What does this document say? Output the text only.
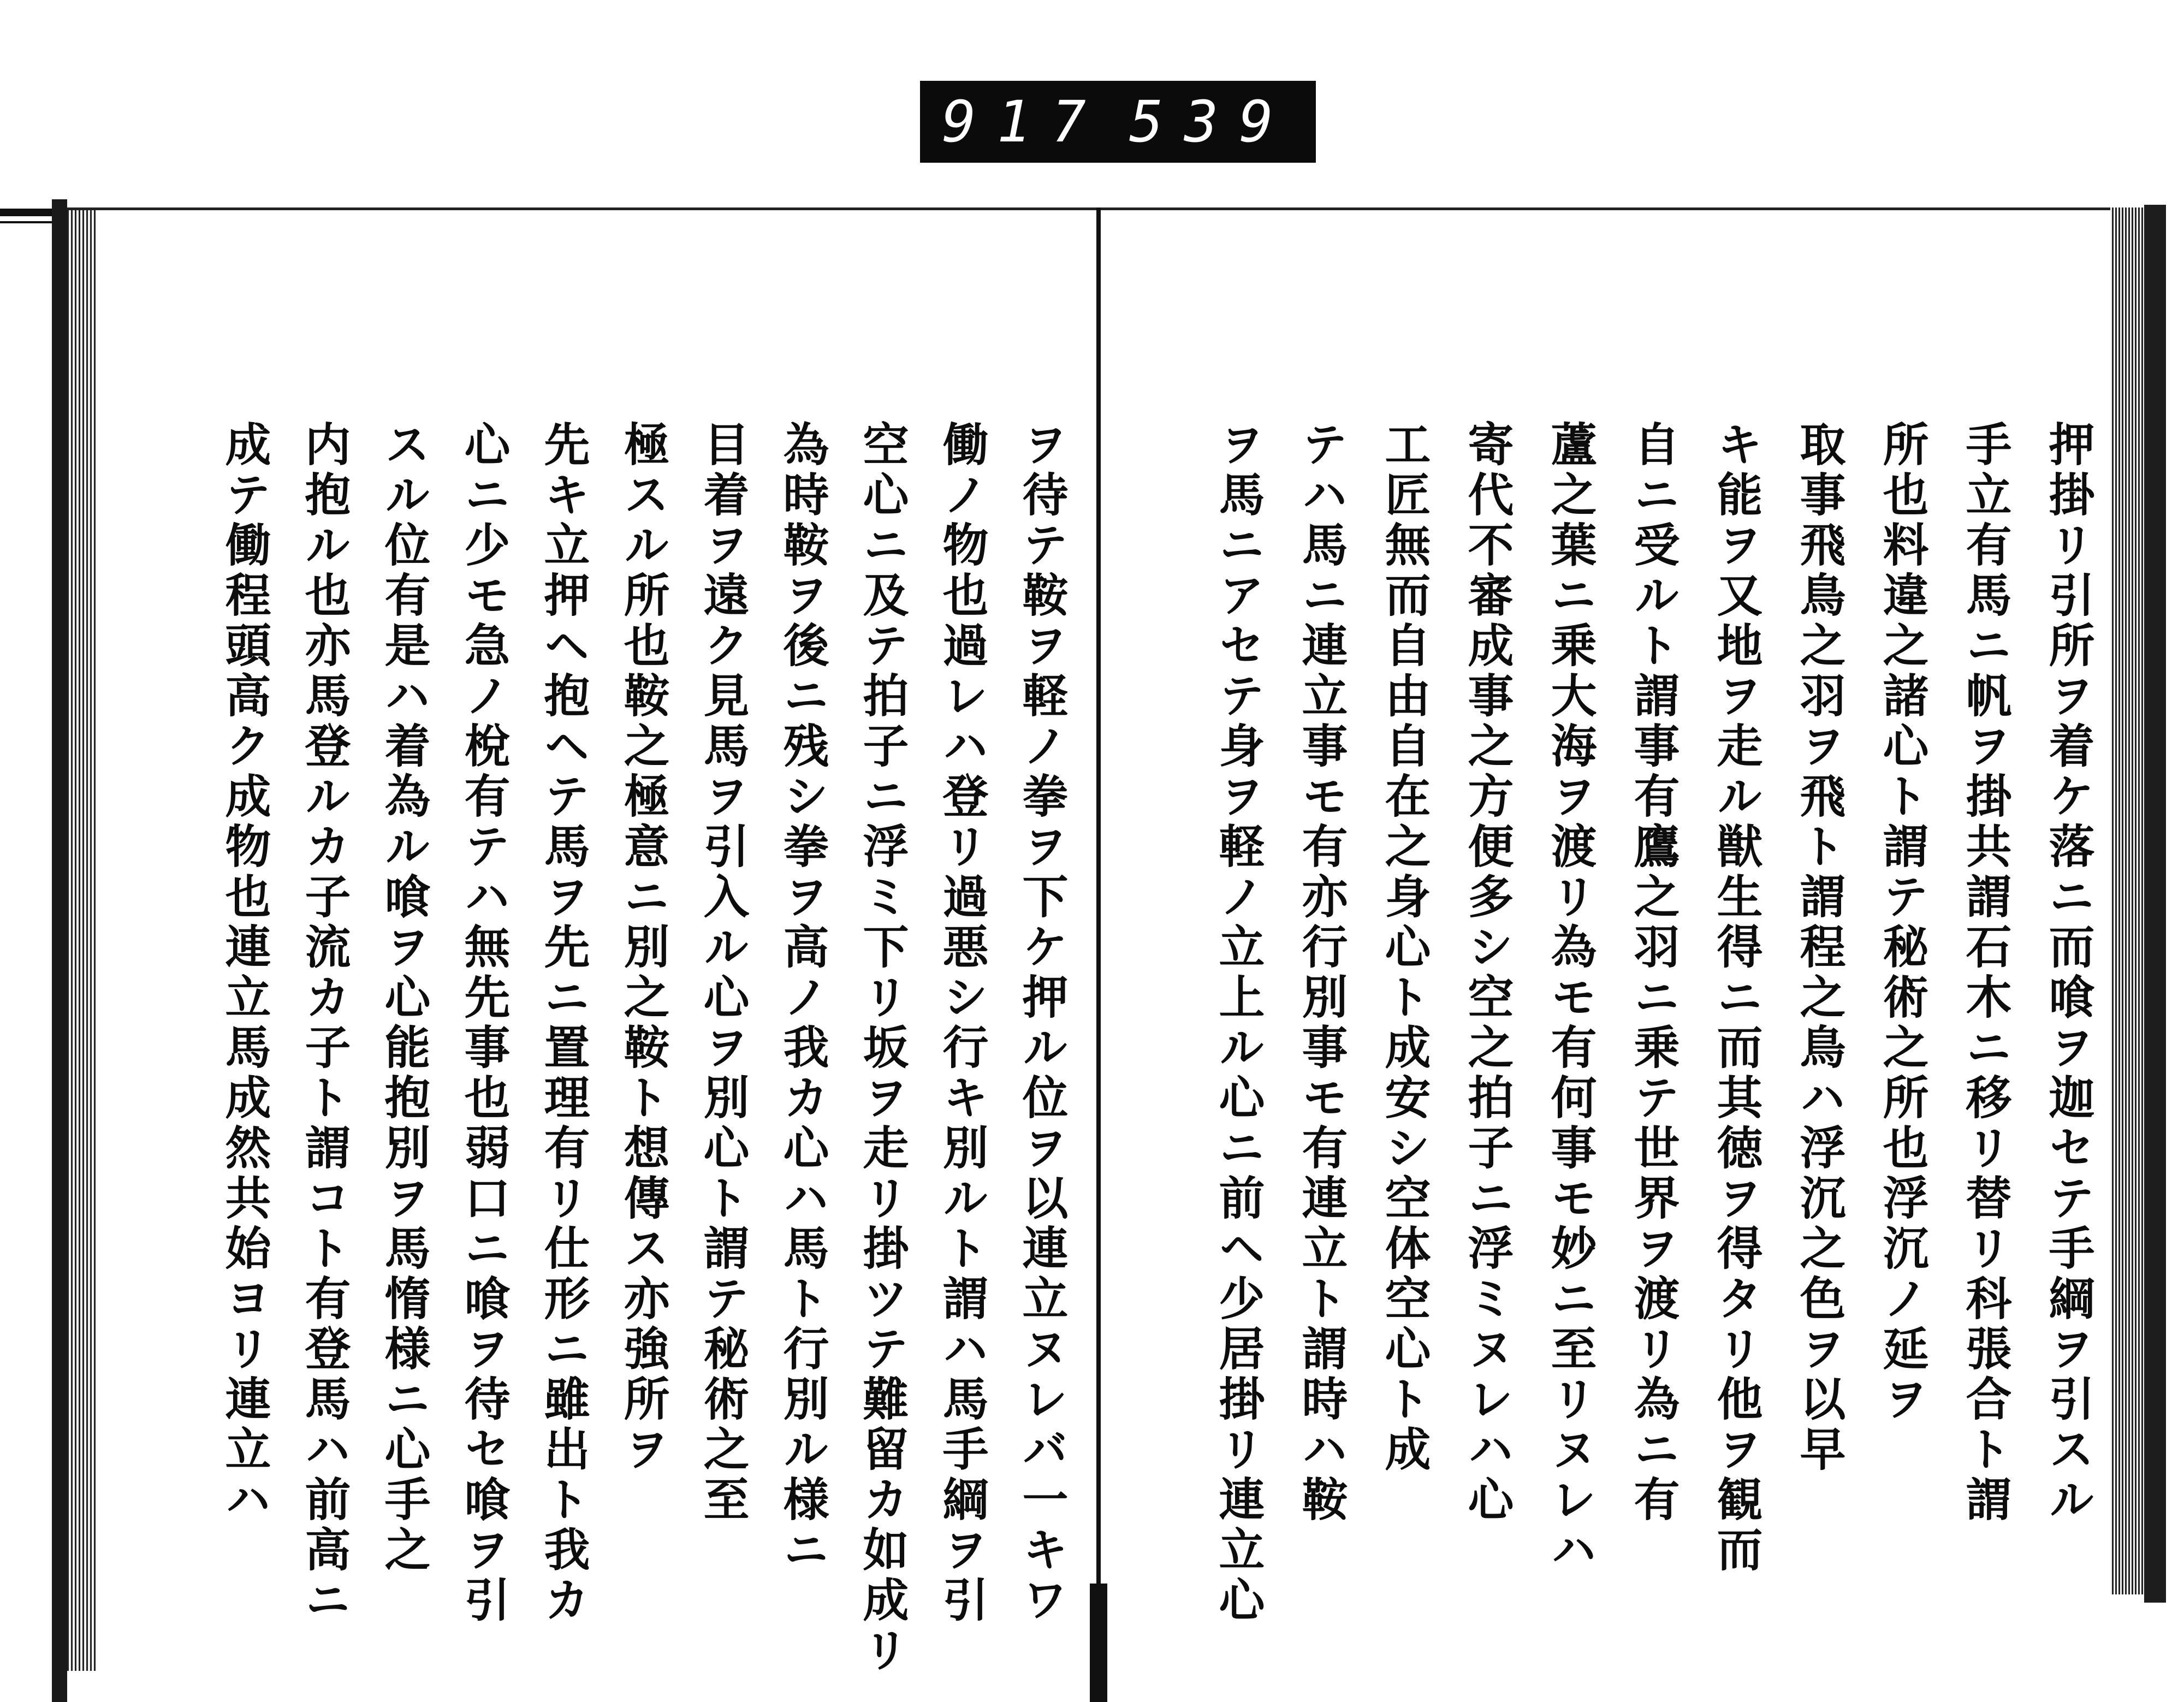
917 539
押掛リ引所ヲ着ケ落ニ而喰ヲ迦セテ手綱ヲ引スル
手立有馬ニ帆ヲ掛共謂石木ニ移リ替リ科張合ト謂
所也料違之諸心ト謂テ秘術之所也浮沉ノ延ヲ
取事飛鳥之羽ヲ飛ト謂程之鳥ハ浮沉之色ヲ以早
キ能ヲ又地ヲ走ル獣生得ニ而其徳ヲ得タリ他ヲ観而
自ニ受ルト謂事有鷹之羽ニ乗テ世界ヲ渡リ為ニ有
蘆之葉ニ乗大海ヲ渡リ為モ有何事モ妙ニ至リヌレハ
寄代不審成事之方便多シ空之拍子ニ浮ミヌレハ心
工匠無而自由自在之身心ト成安シ空体空心ト成
テハ馬ニ連立事モ有亦行別事モ有連立ト謂時ハ鞍
ヲ馬ニアセテ身ヲ軽ノ立上ル心ニ前ヘ少居掛リ連立心
ヲ待テ鞍ヲ軽ノ拳ヲ下ケ押ル位ヲ以連立ヌレバ一キワ
働ノ物也過レハ登リ過悪シ行キ別ルト謂ハ馬手綱ヲ引
空心ニ及テ拍子ニ浮ミ下リ坂ヲ走リ掛ツテ難留カ如成リ
為時鞍ヲ後ニ残シ拳ヲ高ノ我カ心ハ馬ト行別ル様ニ
目着ヲ遠ク見馬ヲ引入ル心ヲ別心ト謂テ秘術之至
極スル所也鞍之極意ニ別之鞍ト想傳ス亦強所ヲ
先キ立押ヘ抱ヘテ馬ヲ先ニ置理有リ仕形ニ雖出ト我カ
心ニ少モ急ノ梲有テハ無先事也弱口ニ喰ヲ待セ喰ヲ引
スル位有是ハ着為ル喰ヲ心能抱別ヲ馬惰様ニ心手之
内抱ル也亦馬登ルカ子流カ子ト謂コト有登馬ハ前高ニ
成テ働程頭高ク成物也連立馬成然共始ヨリ連立ハ
